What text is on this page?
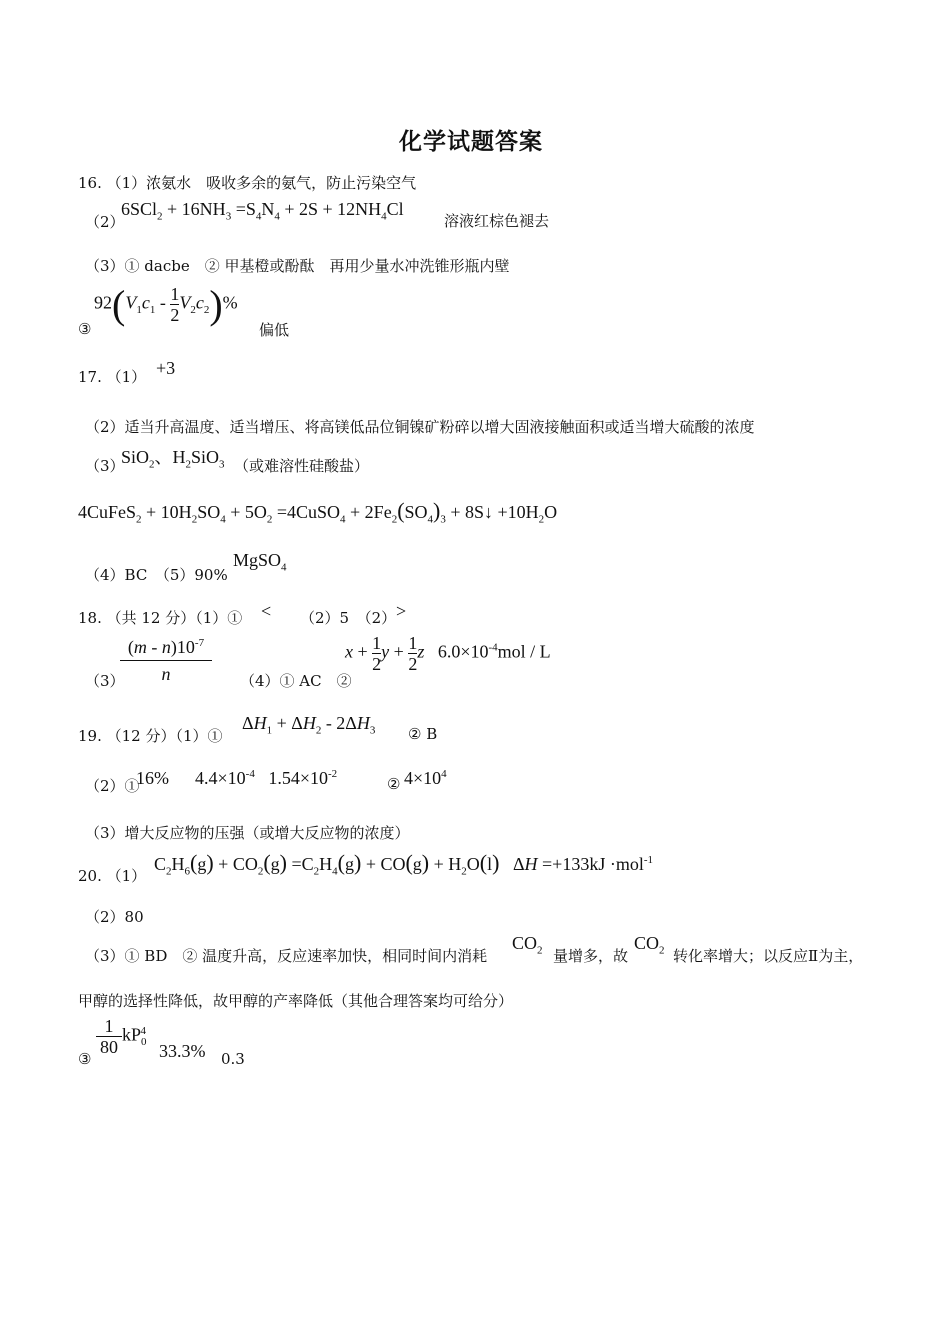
化学试题答案
16. （1）浓氨水　吸收多余的氨气，防止污染空气
（2）
$6SCl_2 + 16NH_3 =S_4N_4 + 2S + 12NH_4Cl$
溶液红棕色褪去
（3）① dacbe　② 甲基橙或酚酞　再用少量水冲洗锥形瓶内壁
③
$92(V_1c_1 - \frac{1}{2} V_2c_2)\%$
偏低
17. （1） +3
（2）适当升高温度、适当增压、将高镁低品位铜镍矿粉碎以增大固液接触面积或适当增大硫酸的浓度
（3）
SiO$_2$、$H_2SiO_3$ （或难溶性硅酸盐）
4CuFeS$_2$ + $10H_2SO_4 + 5O_2$ =4CuSO$_4$ + $2Fe_2(SO_4)_3$ + 8S↓ $+10H_2O$
（4）BC　（5）90%
MgSO$_4$
18. （共 12 分）（1）① < （2）5　（2） >
（3）
$\frac{(m - n)10^{-7}}{n}$ （4）① AC　②
$x + \frac{1}{2}$ $y + \frac{1}{2}$ z   $6.0\times 10^{-4}mol / L$
19. （12 分）（1）①
$\Delta H_1 + \Delta H_2 - 2\Delta H_3$ ② B
（2）①
16% $4.4\times 10^{-4}$   $1.54\times 10^{-2}$
② $4\times 10^4$
（3）增大反应物的压强（或增大反应物的浓度）
20. （1）
$C_2H_6(g) + CO_2(g) =C_2H_4(g) + CO(g) + H_2O(l)$   ΔH =+133kJ ·mol$^{-1}$
（2）80
（3）① BD　② 温度升高，反应速率加快，相同时间内消耗
$CO_2$ 量增多，故
$CO_2$ 转化率增大；以反应Ⅱ为主，
甲醇的选择性降低，故甲醇的产率降低（其他合理答案均可给分）
③
$\frac{1}{80} kP_0^4$
33.3% 0.3
